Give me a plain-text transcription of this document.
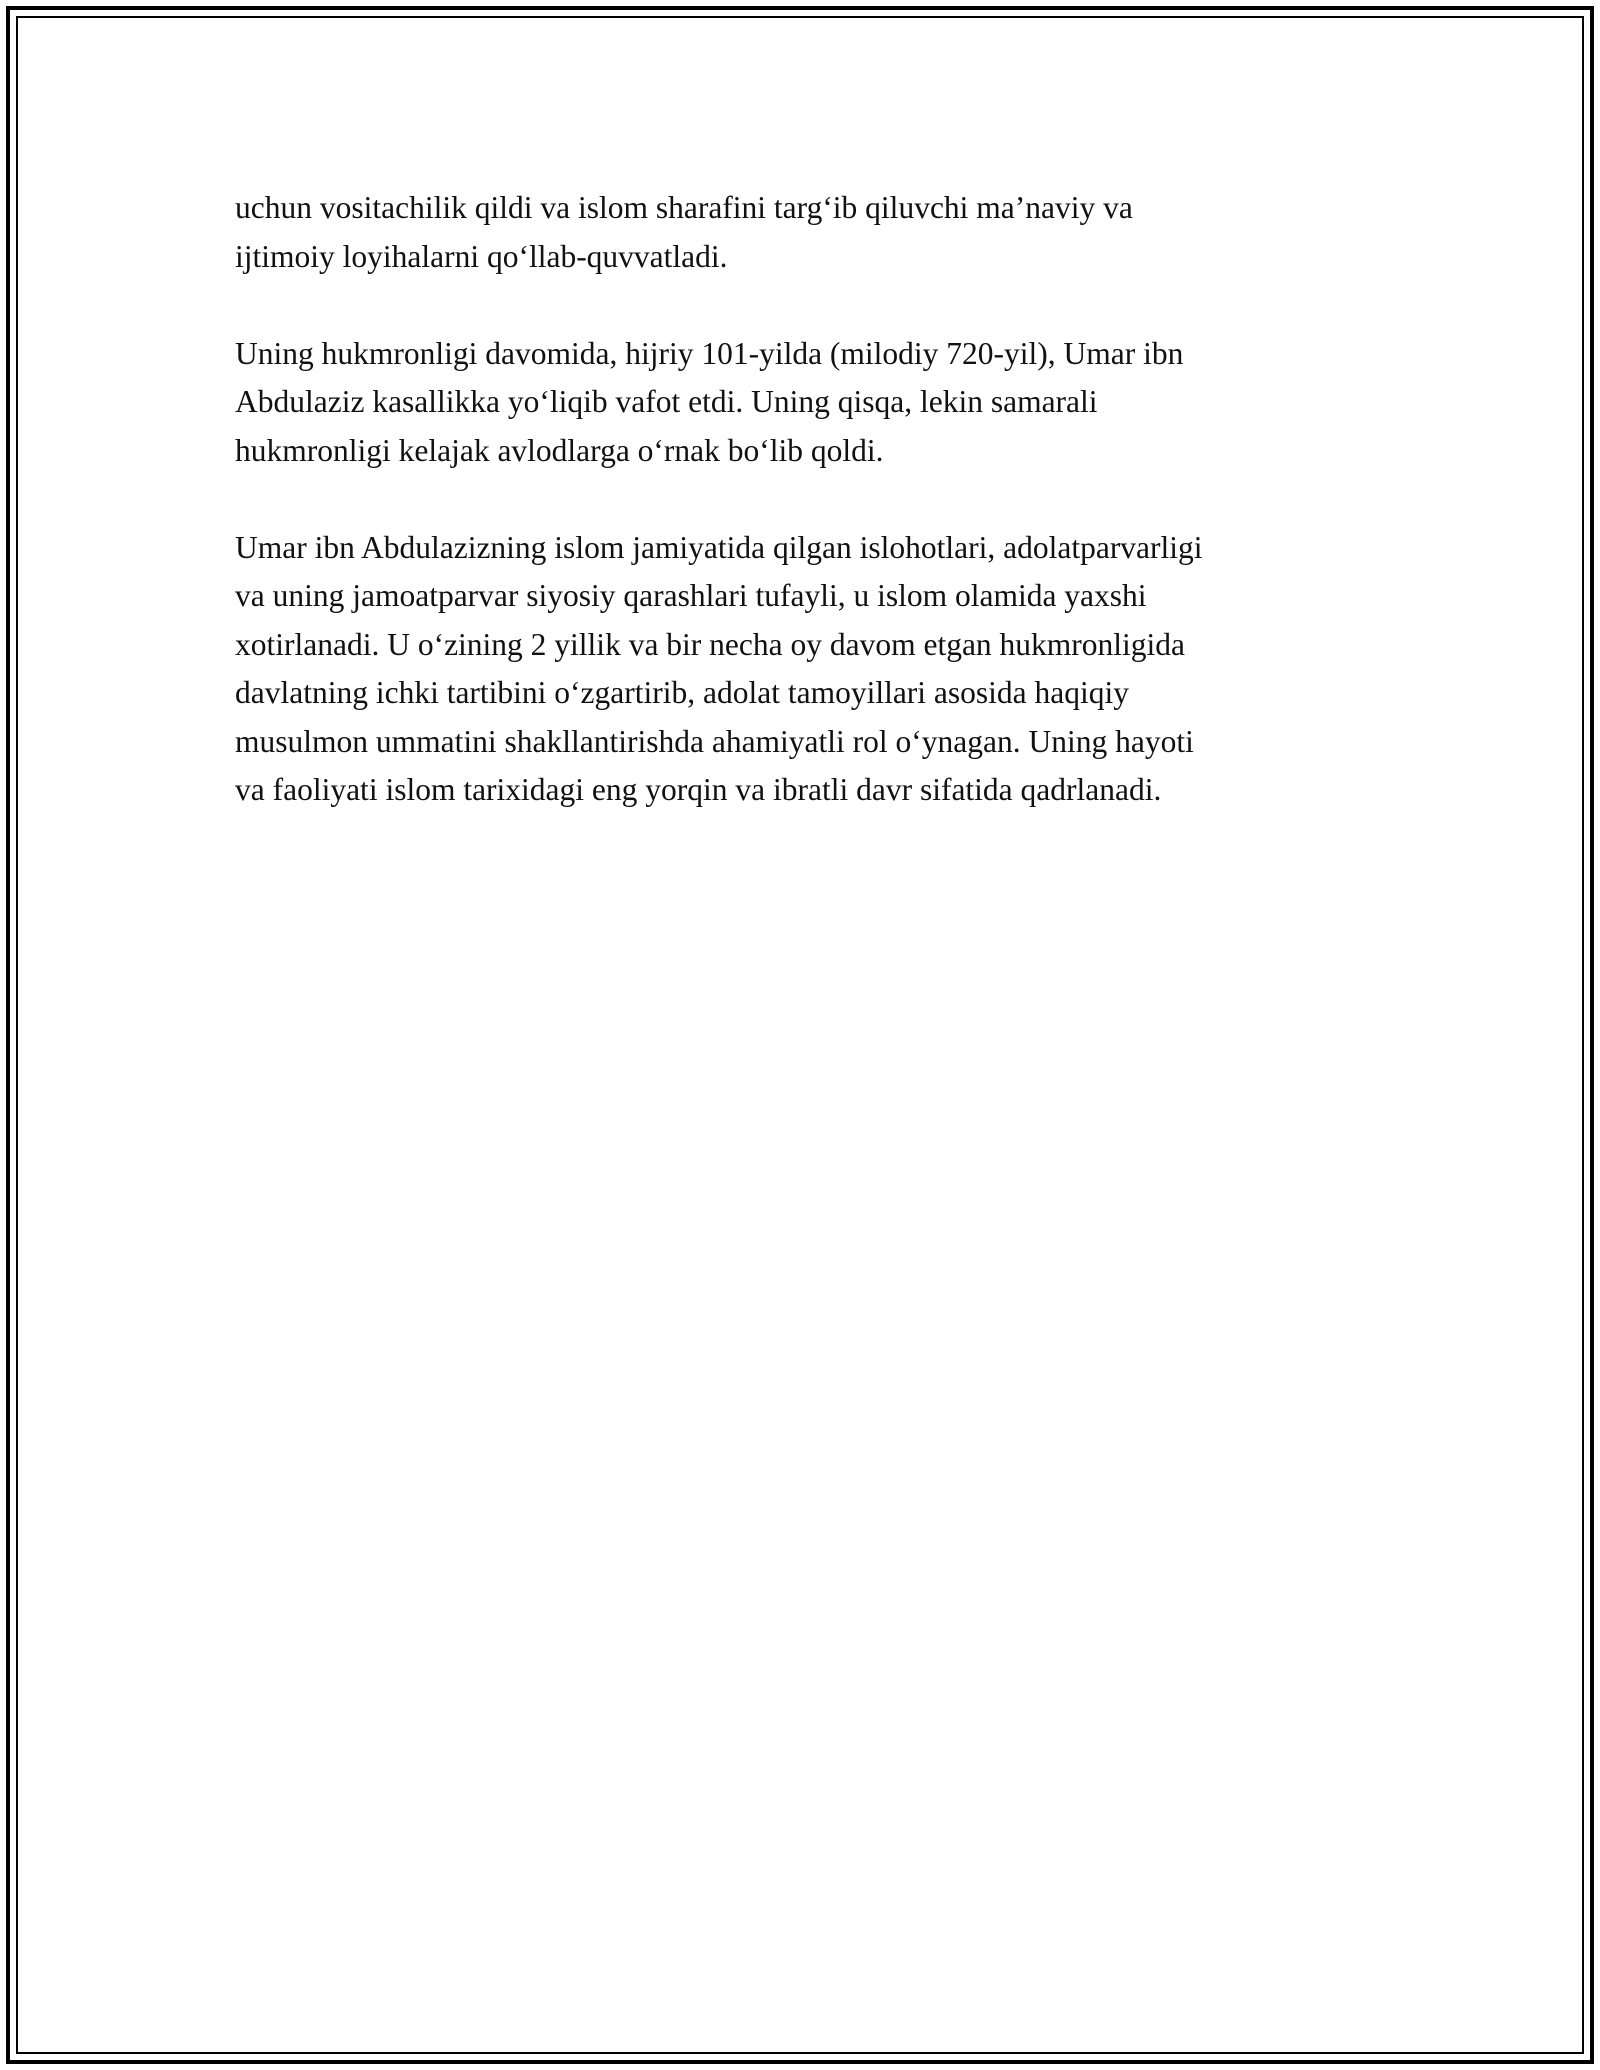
uchun vositachilik qildi va islom sharafini targ‘ib qiluvchi ma’naviy va
ijtimoiy loyihalarni qo‘llab-quvvatladi.

Uning hukmronligi davomida, hijriy 101-yilda (milodiy 720-yil), Umar ibn
Abdulaziz kasallikka yo‘liqib vafot etdi. Uning qisqa, lekin samarali
hukmronligi kelajak avlodlarga o‘rnak bo‘lib qoldi.

Umar ibn Abdulazizning islom jamiyatida qilgan islohotlari, adolatparvarligi
va uning jamoatparvar siyosiy qarashlari tufayli, u islom olamida yaxshi
xotirlanadi. U o‘zining 2 yillik va bir necha oy davom etgan hukmronligida
davlatning ichki tartibini o‘zgartirib, adolat tamoyillari asosida haqiqiy
musulmon ummatini shakllantirishda ahamiyatli rol o‘ynagan. Uning hayoti
va faoliyati islom tarixidagi eng yorqin va ibratli davr sifatida qadrlanadi.
